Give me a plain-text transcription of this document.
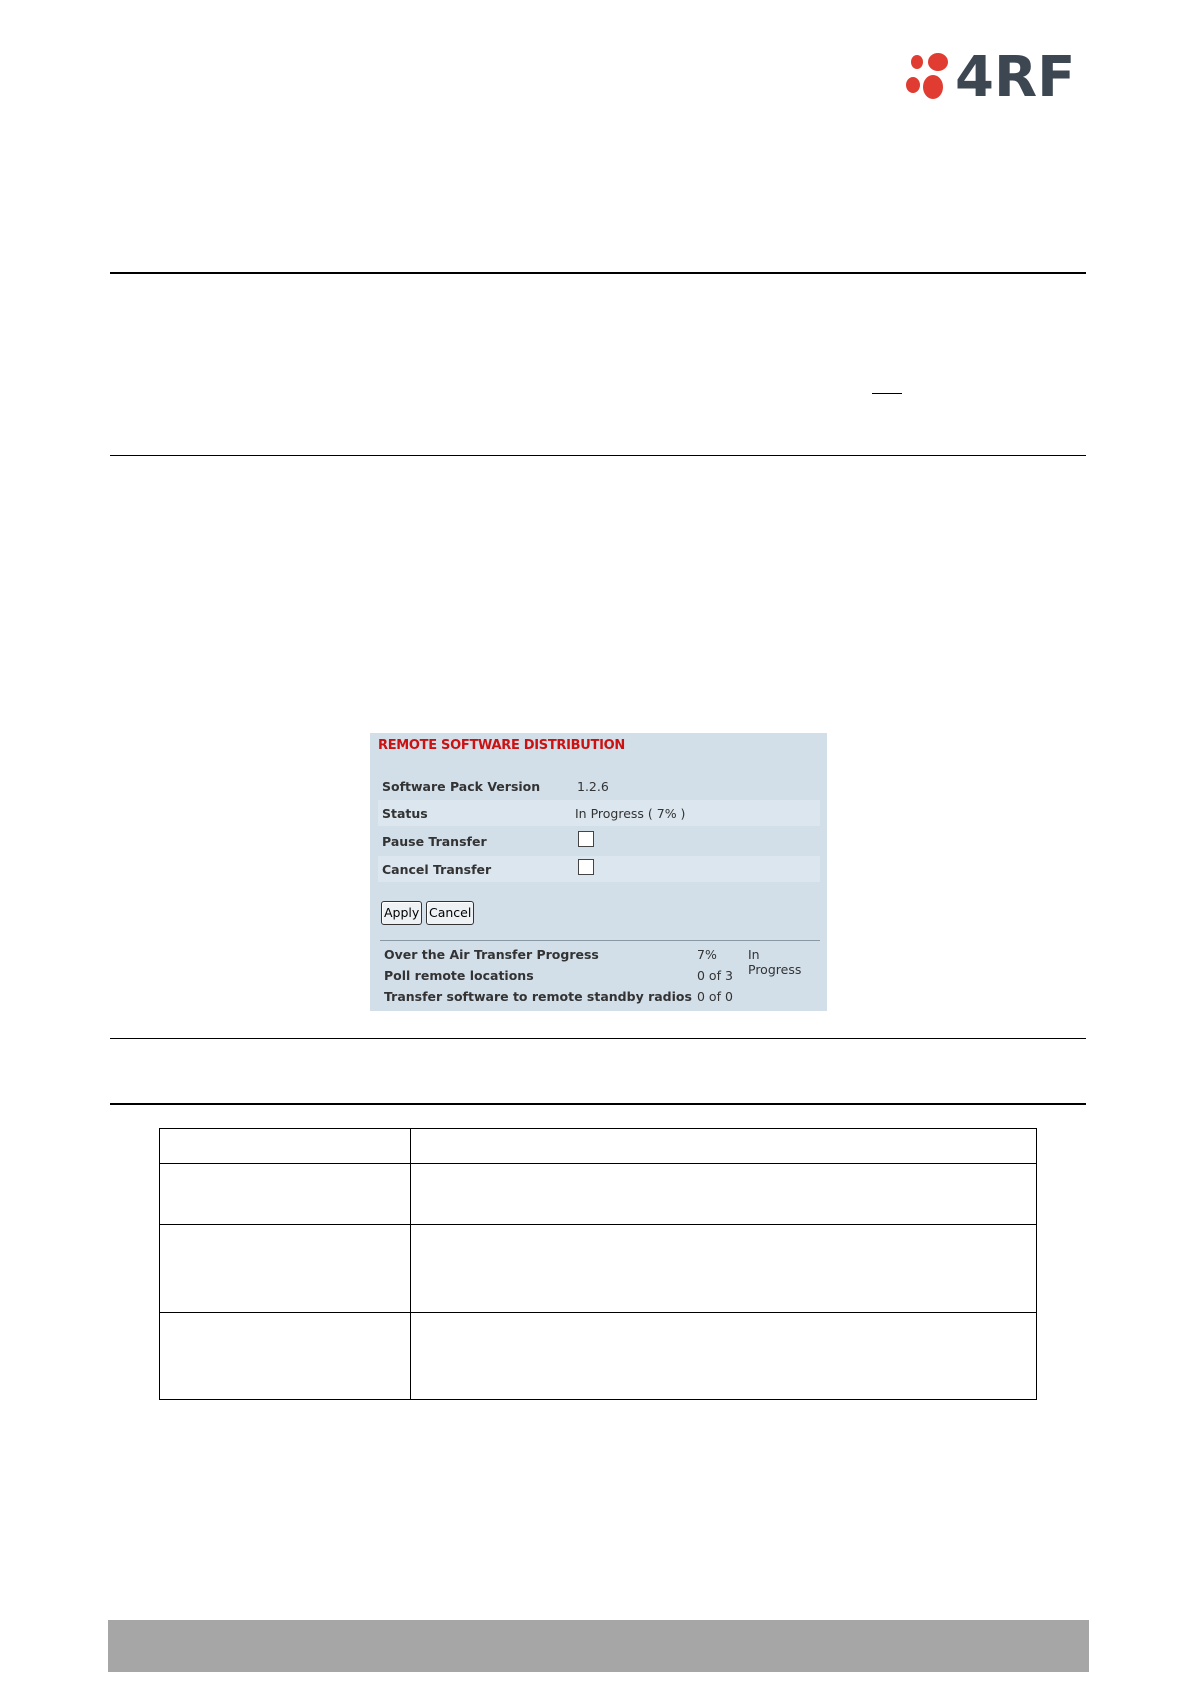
4RF
REMOTE SOFTWARE DISTRIBUTION
Software Pack Version	1.2.6
Status	In Progress ( 7% )
Pause Transfer
Cancel Transfer
Apply Cancel
Over the Air Transfer Progress	7% In Progress
Poll remote locations	0 of 3
Transfer software to remote standby radios 0 of 0
